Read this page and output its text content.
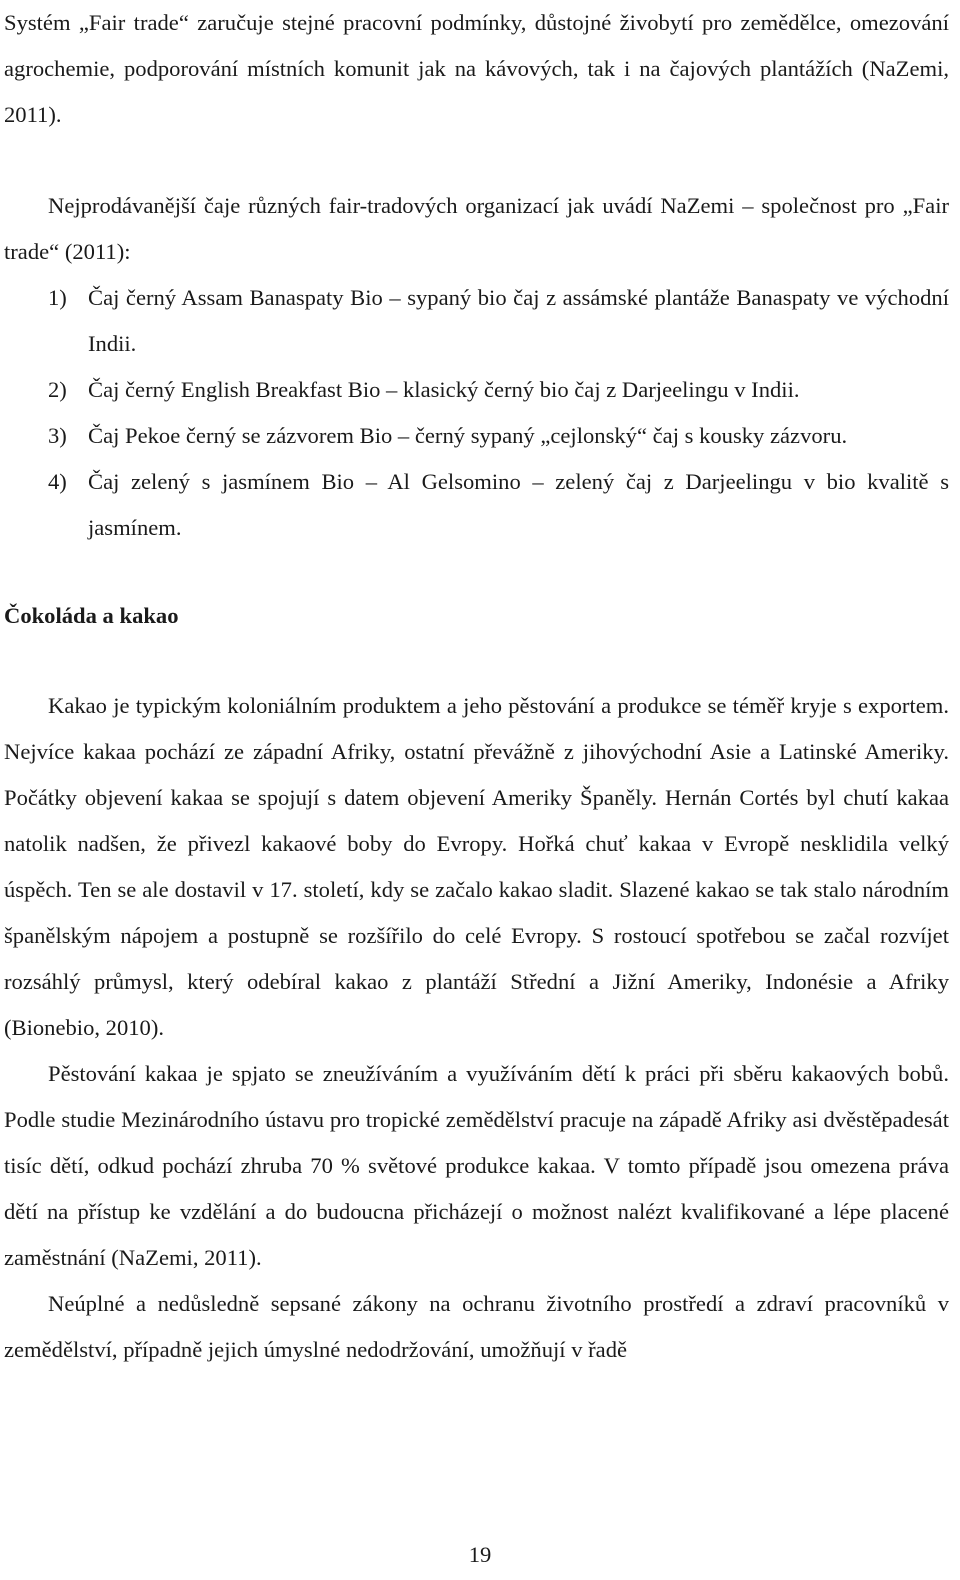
Systém „Fair trade“ zaručuje stejné pracovní podmínky, důstojné živobytí pro zemědělce, omezování agrochemie, podporování místních komunit jak na kávových, tak i na čajových plantážích (NaZemi, 2011).

Nejprodávanější čaje různých fair-tradových organizací jak uvádí NaZemi – společnost pro „Fair trade“ (2011):

1) Čaj černý Assam Banaspaty Bio – sypaný bio čaj z assámské plantáže Banaspaty ve východní Indii.
2) Čaj černý English Breakfast Bio – klasický černý bio čaj z Darjeelingu v Indii.
3) Čaj Pekoe černý se zázvorem Bio – černý sypaný „cejlonský“ čaj s kousky zázvoru.
4) Čaj zelený s jasmínem Bio – Al Gelsomino – zelený čaj z Darjeelingu v bio kvalitě s jasmínem.
Čokoláda a kakao

Kakao je typickým koloniálním produktem a jeho pěstování a produkce se téměř kryje s exportem. Nejvíce kakaa pochází ze západní Afriky, ostatní převážně z jihovýchodní Asie a Latinské Ameriky. Počátky objevení kakaa se spojují s datem objevení Ameriky Španěly. Hernán Cortés byl chutí kakaa natolik nadšen, že přivezl kakaové boby do Evropy. Hořká chuť kakaa v Evropě nesklidila velký úspěch. Ten se ale dostavil v 17. století, kdy se začalo kakao sladit. Slazené kakao se tak stalo národním španělským nápojem a postupně se rozšířilo do celé Evropy. S rostoucí spotřebou se začal rozvíjet rozsáhlý průmysl, který odebíral kakao z plantáží Střední a Jižní Ameriky, Indonésie a Afriky (Bionebio, 2010).

Pěstování kakaa je spjato se zneužíváním a využíváním dětí k práci při sběru kakaových bobů. Podle studie Mezinárodního ústavu pro tropické zemědělství pracuje na západě Afriky asi dvěstěpadesát tisíc dětí, odkud pochází zhruba 70 % světové produkce kakaa. V tomto případě jsou omezena práva dětí na přístup ke vzdělání a do budoucna přicházejí o možnost nalézt kvalifikované a lépe placené zaměstnání (NaZemi, 2011).

Neúplné a nedůsledně sepsané zákony na ochranu životního prostředí a zdraví pracovníků v zemědělství, případně jejich úmyslné nedodržování, umožňují v řadě

19
